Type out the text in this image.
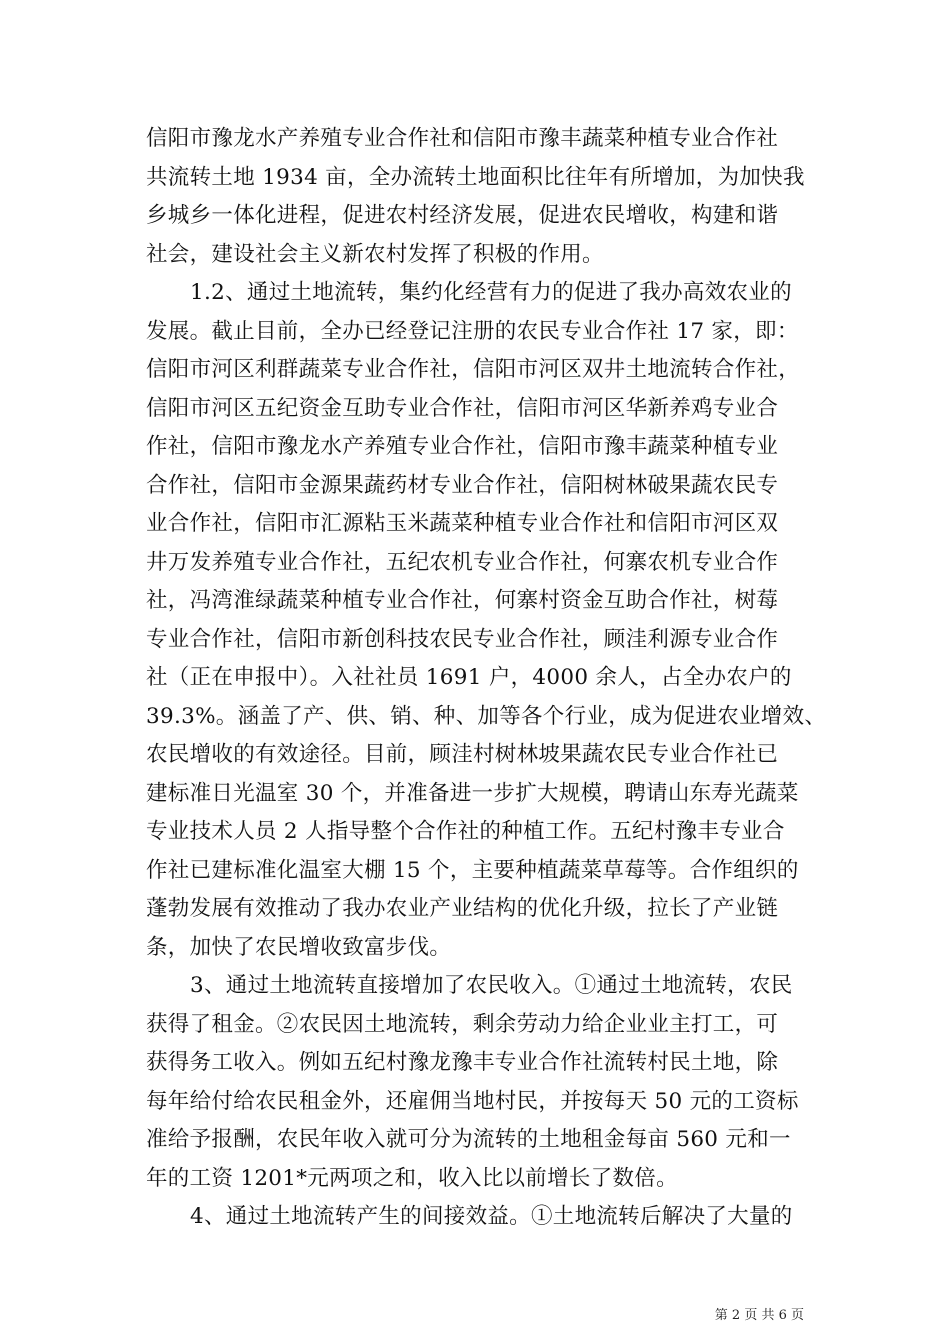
信阳市豫龙水产养殖专业合作社和信阳市豫丰蔬菜种植专业合作社
共流转土地 1934 亩，全办流转土地面积比往年有所增加，为加快我
乡城乡一体化进程，促进农村经济发展，促进农民增收，构建和谐
社会，建设社会主义新农村发挥了积极的作用。
1.2、通过土地流转，集约化经营有力的促进了我办高效农业的
发展。截止目前，全办已经登记注册的农民专业合作社 17 家，即：
信阳市河区利群蔬菜专业合作社，信阳市河区双井土地流转合作社，
信阳市河区五纪资金互助专业合作社，信阳市河区华新养鸡专业合
作社，信阳市豫龙水产养殖专业合作社，信阳市豫丰蔬菜种植专业
合作社，信阳市金源果蔬药材专业合作社，信阳树林破果蔬农民专
业合作社，信阳市汇源粘玉米蔬菜种植专业合作社和信阳市河区双
井万发养殖专业合作社，五纪农机专业合作社，何寨农机专业合作
社，冯湾淮绿蔬菜种植专业合作社，何寨村资金互助合作社，树莓
专业合作社，信阳市新创科技农民专业合作社，顾洼利源专业合作
社（正在申报中）。入社社员 1691 户，4000 余人，占全办农户的
39.3%。涵盖了产、供、销、种、加等各个行业，成为促进农业增效、
农民增收的有效途径。目前，顾洼村树林坡果蔬农民专业合作社已
建标准日光温室 30 个，并准备进一步扩大规模，聘请山东寿光蔬菜
专业技术人员 2 人指导整个合作社的种植工作。五纪村豫丰专业合
作社已建标准化温室大棚 15 个，主要种植蔬菜草莓等。合作组织的
蓬勃发展有效推动了我办农业产业结构的优化升级，拉长了产业链
条，加快了农民增收致富步伐。
3、通过土地流转直接增加了农民收入。①通过土地流转，农民
获得了租金。②农民因土地流转，剩余劳动力给企业业主打工，可
获得务工收入。例如五纪村豫龙豫丰专业合作社流转村民土地，除
每年给付给农民租金外，还雇佣当地村民，并按每天 50 元的工资标
准给予报酬，农民年收入就可分为流转的土地租金每亩 560 元和一
年的工资 1201*元两项之和，收入比以前增长了数倍。
4、通过土地流转产生的间接效益。①土地流转后解决了大量的
第 2 页 共 6 页
